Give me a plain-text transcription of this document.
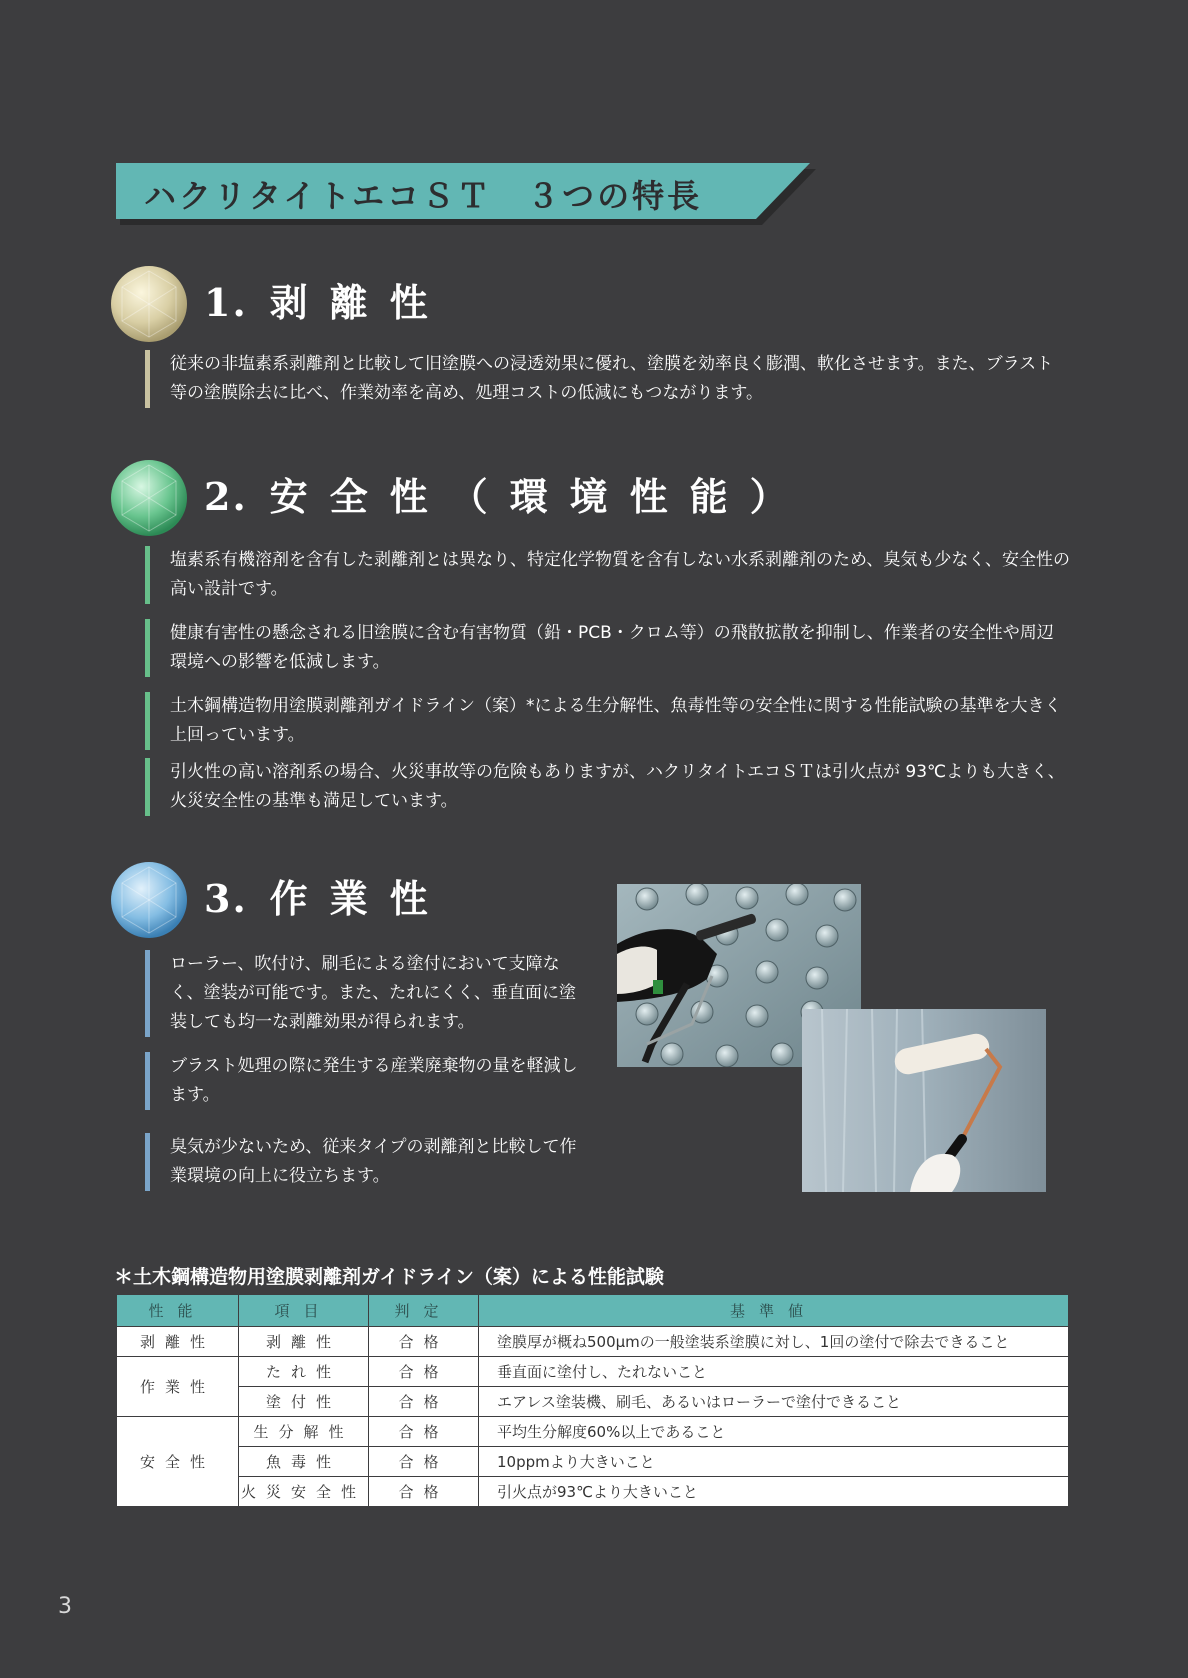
ハクリタイトエコＳＴ　３つの特長
1. 剥離性
従来の非塩素系剥離剤と比較して旧塗膜への浸透効果に優れ、塗膜を効率良く膨潤、軟化させます。また、ブラスト等の塗膜除去に比べ、作業効率を高め、処理コストの低減にもつながります。
2. 安全性（環境性能）
塩素系有機溶剤を含有した剥離剤とは異なり、特定化学物質を含有しない水系剥離剤のため、臭気も少なく、安全性の高い設計です。
健康有害性の懸念される旧塗膜に含む有害物質（鉛・PCB・クロム等）の飛散拡散を抑制し、作業者の安全性や周辺環境への影響を低減します。
土木鋼構造物用塗膜剥離剤ガイドライン（案）*による生分解性、魚毒性等の安全性に関する性能試験の基準を大きく上回っています。
引火性の高い溶剤系の場合、火災事故等の危険もありますが、ハクリタイトエコＳＴは引火点が 93℃よりも大きく、火災安全性の基準も満足しています。
3. 作業性
ローラー、吹付け、刷毛による塗付において支障なく、塗装が可能です。また、たれにくく、垂直面に塗装しても均一な剥離効果が得られます。
ブラスト処理の際に発生する産業廃棄物の量を軽減します。
臭気が少ないため、従来タイプの剥離剤と比較して作業環境の向上に役立ちます。
＊土木鋼構造物用塗膜剥離剤ガイドライン（案）による性能試験
性能	項目	判定	基準値
剥離性	剥離性	合格	塗膜厚が概ね500μmの一般塗装系塗膜に対し、1回の塗付で除去できること
作業性	たれ性	合格	垂直面に塗付し、たれないこと
	塗付性	合格	エアレス塗装機、刷毛、あるいはローラーで塗付できること
安全性	生分解性	合格	平均生分解度60%以上であること
	魚毒性	合格	10ppmより大きいこと
	火災安全性	合格	引火点が93℃より大きいこと
3
